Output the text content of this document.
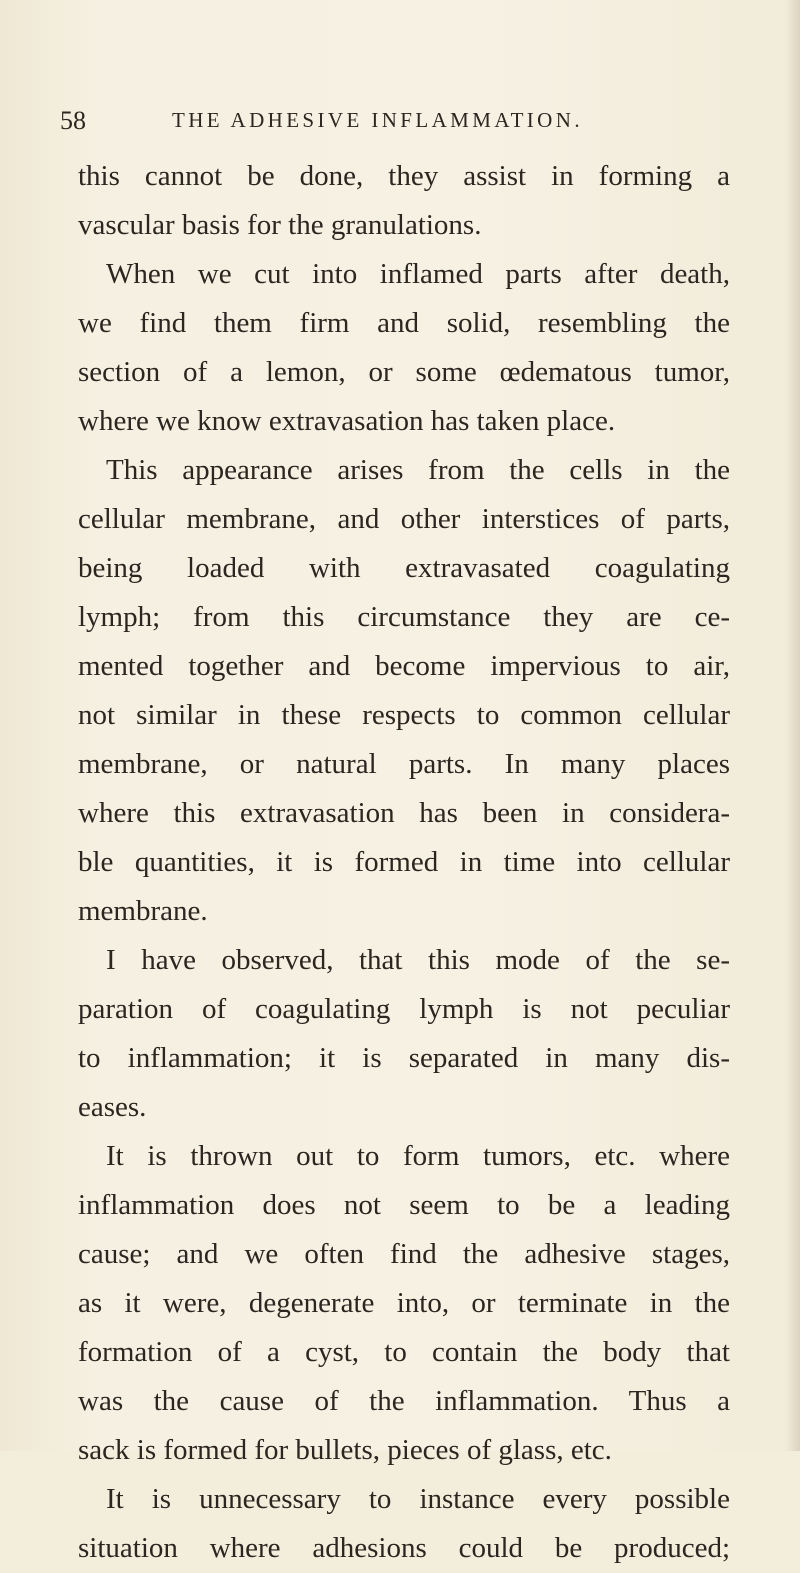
58	THE ADHESIVE INFLAMMATION.
this cannot be done, they assist in forming a
vascular basis for the granulations.
When we cut into inflamed parts after death,
we find them firm and solid, resembling the
section of a lemon, or some œdematous tumor,
where we know extravasation has taken place.
This appearance arises from the cells in the
cellular membrane, and other interstices of parts,
being loaded with extravasated coagulating
lymph; from this circumstance they are ce-
mented together and become impervious to air,
not similar in these respects to common cellular
membrane, or natural parts. In many places
where this extravasation has been in considera-
ble quantities, it is formed in time into cellular
membrane.
I have observed, that this mode of the se-
paration of coagulating lymph is not peculiar
to inflammation; it is separated in many dis-
eases.
It is thrown out to form tumors, etc. where
inflammation does not seem to be a leading
cause; and we often find the adhesive stages,
as it were, degenerate into, or terminate in the
formation of a cyst, to contain the body that
was the cause of the inflammation. Thus a
sack is formed for bullets, pieces of glass, etc.
It is unnecessary to instance every possible
situation where adhesions could be produced;
